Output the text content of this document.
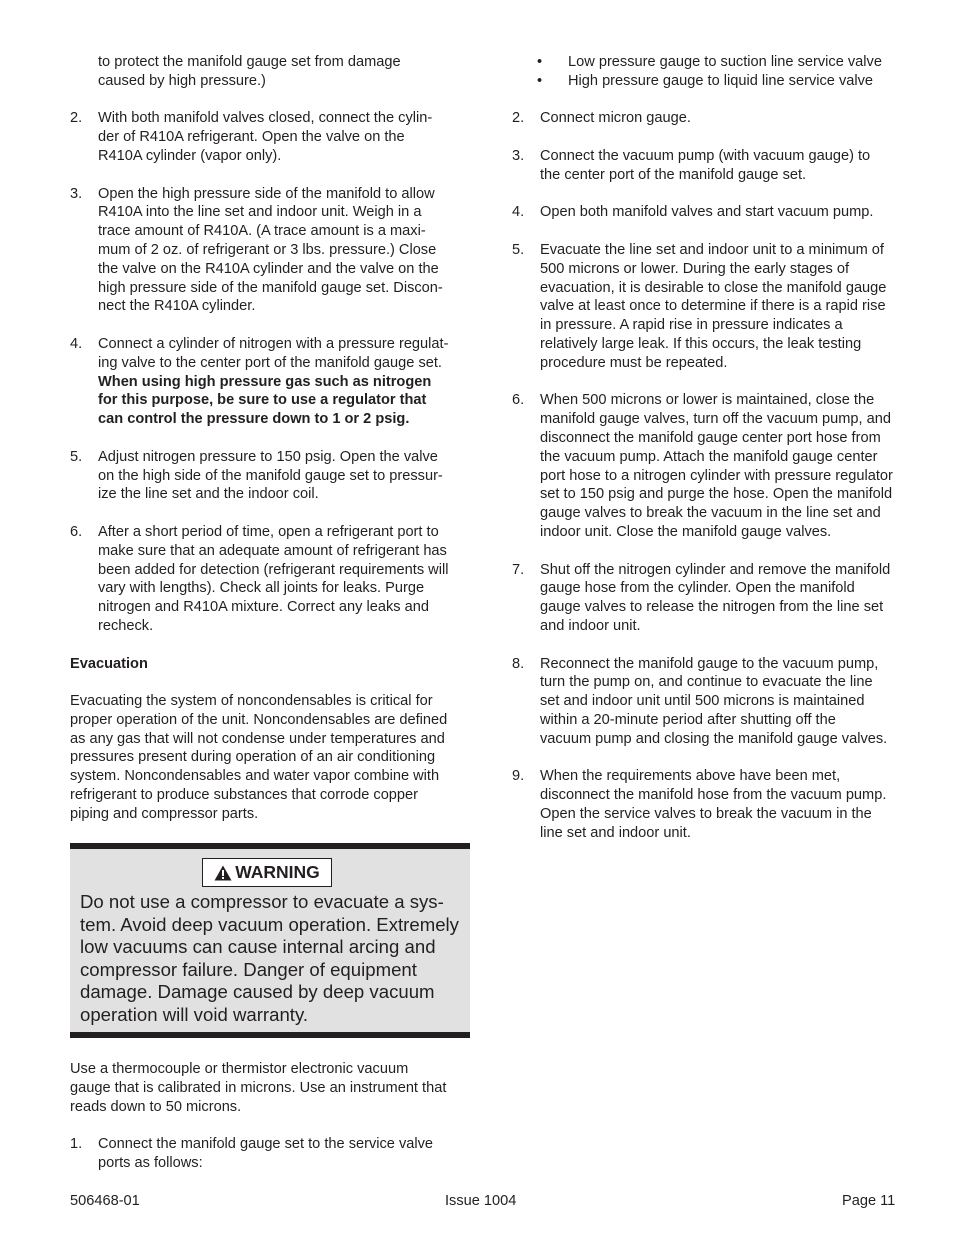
to protect the manifold gauge set from damage
caused by high pressure.)
2. With both manifold valves closed, connect the cylin-
der of R410A refrigerant. Open the valve on the
R410A cylinder (vapor only).
3. Open the high pressure side of the manifold to allow
R410A into the line set and indoor unit. Weigh in a
trace amount of R410A. (A trace amount is a maxi-
mum of 2 oz. of refrigerant or 3 lbs. pressure.) Close
the valve on the R410A cylinder and the valve on the
high pressure side of the manifold gauge set. Discon-
nect the R410A cylinder.
4. Connect a cylinder of nitrogen with a pressure regulat-
ing valve to the center port of the manifold gauge set.
When using high pressure gas such as nitrogen
for this purpose, be sure to use a regulator that
can control the pressure down to 1 or 2 psig.
5. Adjust nitrogen pressure to 150 psig. Open the valve
on the high side of the manifold gauge set to pressur-
ize the line set and the indoor coil.
6. After a short period of time, open a refrigerant port to
make sure that an adequate amount of refrigerant has
been added for detection (refrigerant requirements will
vary with lengths). Check all joints for leaks. Purge
nitrogen and R410A mixture. Correct any leaks and
recheck.
Evacuation
Evacuating the system of noncondensables is critical for
proper operation of the unit. Noncondensables are defined
as any gas that will not condense under temperatures and
pressures present during operation of an air conditioning
system. Noncondensables and water vapor combine with
refrigerant to produce substances that corrode copper
piping and compressor parts.
WARNING
Do not use a compressor to evacuate a sys-
tem. Avoid deep vacuum operation. Extremely
low vacuums can cause internal arcing and
compressor failure. Danger of equipment
damage. Damage caused by deep vacuum
operation will void warranty.
Use a thermocouple or thermistor electronic vacuum
gauge that is calibrated in microns. Use an instrument that
reads down to 50 microns.
1. Connect the manifold gauge set to the service valve
ports as follows:
• Low pressure gauge to suction line service valve
• High pressure gauge to liquid line service valve
2. Connect micron gauge.
3. Connect the vacuum pump (with vacuum gauge) to
the center port of the manifold gauge set.
4. Open both manifold valves and start vacuum pump.
5. Evacuate the line set and indoor unit to a minimum of
500 microns or lower. During the early stages of
evacuation, it is desirable to close the manifold gauge
valve at least once to determine if there is a rapid rise
in pressure. A rapid rise in pressure indicates a
relatively large leak. If this occurs, the leak testing
procedure must be repeated.
6. When 500 microns or lower is maintained, close the
manifold gauge valves, turn off the vacuum pump, and
disconnect the manifold gauge center port hose from
the vacuum pump. Attach the manifold gauge center
port hose to a nitrogen cylinder with pressure regulator
set to 150 psig and purge the hose. Open the manifold
gauge valves to break the vacuum in the line set and
indoor unit. Close the manifold gauge valves.
7. Shut off the nitrogen cylinder and remove the manifold
gauge hose from the cylinder. Open the manifold
gauge valves to release the nitrogen from the line set
and indoor unit.
8. Reconnect the manifold gauge to the vacuum pump,
turn the pump on, and continue to evacuate the line
set and indoor unit until 500 microns is maintained
within a 20-minute period after shutting off the
vacuum pump and closing the manifold gauge valves.
9. When the requirements above have been met,
disconnect the manifold hose from the vacuum pump.
Open the service valves to break the vacuum in the
line set and indoor unit.
506468-01	Issue 1004	Page 11
